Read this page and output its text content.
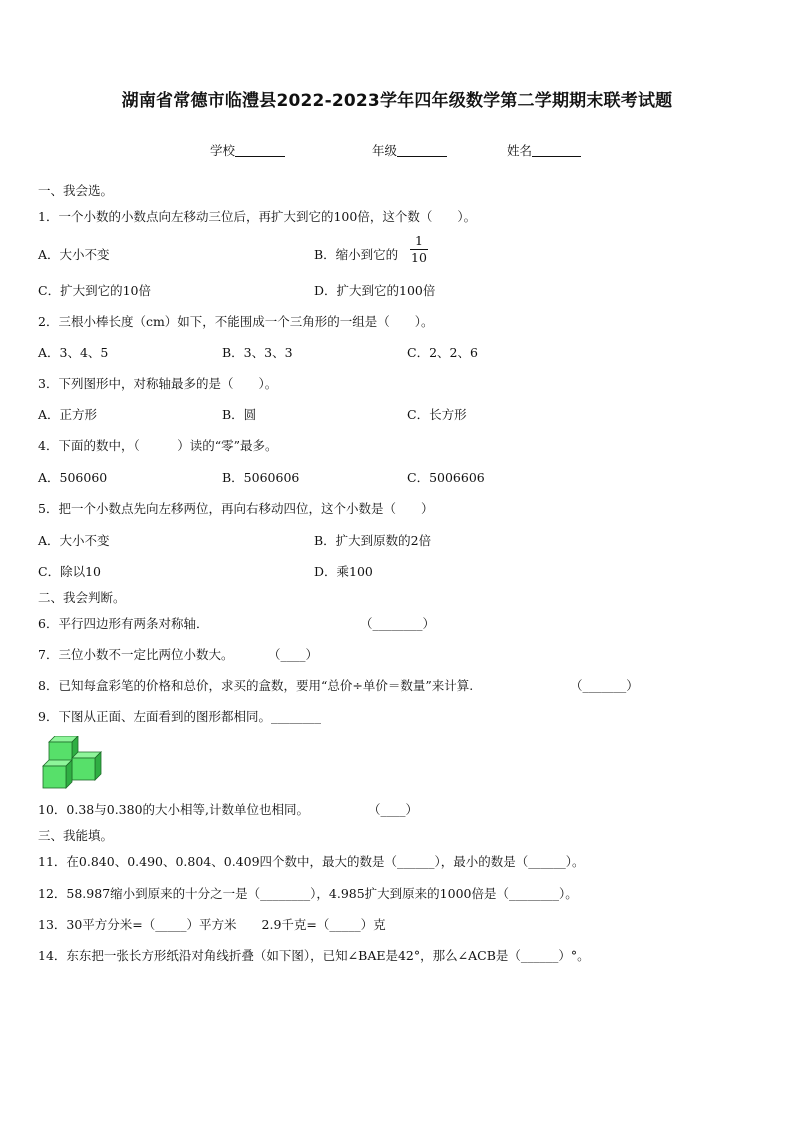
湖南省常德市临澧县2022-2023学年四年级数学第二学期期末联考试题
学校	年级	姓名
一、我会选。
1．一个小数的小数点向左移动三位后，再扩大到它的100倍，这个数（　　）。
A．大小不变	B．缩小到它的
1
10
C．扩大到它的10倍	D．扩大到它的100倍
2．三根小棒长度（cm）如下，不能围成一个三角形的一组是（　　）。
A．3、4、5	B．3、3、3	C．2、2、6
3．下列图形中，对称轴最多的是（　　）。
A．正方形	B．圆	C．长方形
4．下面的数中，（　　　）读的“零”最多。
A．506060	B．5060606	C．5006606
5．把一个小数点先向左移两位，再向右移动四位，这个小数是（　　）
A．大小不变	B．扩大到原数的2倍
C．除以10	D．乘100
二、我会判断。
6．平行四边形有两条对称轴．	（________）
7．三位小数不一定比两位小数大。	（____）
8．已知每盒彩笔的价格和总价，求买的盒数，要用“总价÷单价＝数量”来计算.	（_______）
9．下图从正面、左面看到的图形都相同。________
10．0.38与0.380的大小相等,计数单位也相同。	（____）
三、我能填。
11．在0.840、0.490、0.804、0.409四个数中，最大的数是（______），最小的数是（______）。
12．58.987缩小到原来的十分之一是（________），4.985扩大到原来的1000倍是（________）。
13．30平方分米=（_____）平方米　　2.9千克=（_____）克
14．东东把一张长方形纸沿对角线折叠（如下图），已知∠BAE是42°，那么∠ACB是（______）°。
